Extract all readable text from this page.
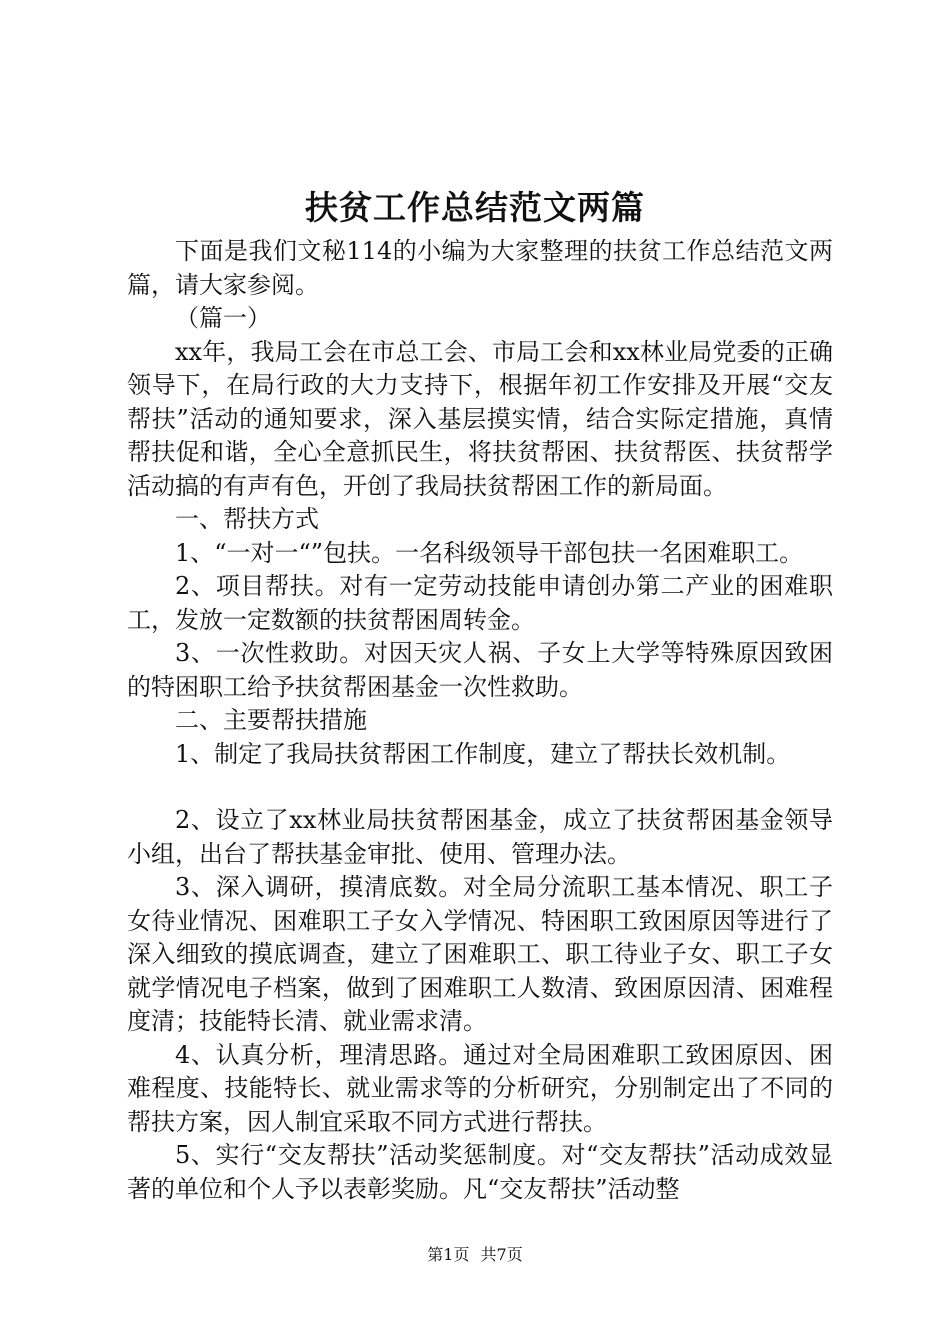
扶贫工作总结范文两篇

下面是我们文秘114的小编为大家整理的扶贫工作总结范文两篇，请大家参阅。

（篇一）

xx年，我局工会在市总工会、市局工会和xx林业局党委的正确领导下，在局行政的大力支持下，根据年初工作安排及开展“交友帮扶”活动的通知要求，深入基层摸实情，结合实际定措施，真情帮扶促和谐，全心全意抓民生，将扶贫帮困、扶贫帮医、扶贫帮学活动搞的有声有色，开创了我局扶贫帮困工作的新局面。

一、帮扶方式

1、“一对一“”包扶。一名科级领导干部包扶一名困难职工。

2、项目帮扶。对有一定劳动技能申请创办第二产业的困难职工，发放一定数额的扶贫帮困周转金。

3、一次性救助。对因天灾人祸、子女上大学等特殊原因致困的特困职工给予扶贫帮困基金一次性救助。

二、主要帮扶措施

1、制定了我局扶贫帮困工作制度，建立了帮扶长效机制。

2、设立了xx林业局扶贫帮困基金，成立了扶贫帮困基金领导小组，出台了帮扶基金审批、使用、管理办法。

3、深入调研，摸清底数。对全局分流职工基本情况、职工子女待业情况、困难职工子女入学情况、特困职工致困原因等进行了深入细致的摸底调查，建立了困难职工、职工待业子女、职工子女就学情况电子档案，做到了困难职工人数清、致困原因清、困难程度清；技能特长清、就业需求清。

4、认真分析，理清思路。通过对全局困难职工致困原因、困难程度、技能特长、就业需求等的分析研究，分别制定出了不同的帮扶方案，因人制宜采取不同方式进行帮扶。

5、实行“交友帮扶”活动奖惩制度。对“交友帮扶”活动成效显著的单位和个人予以表彰奖励。凡“交友帮扶”活动整

第1页 共7页
